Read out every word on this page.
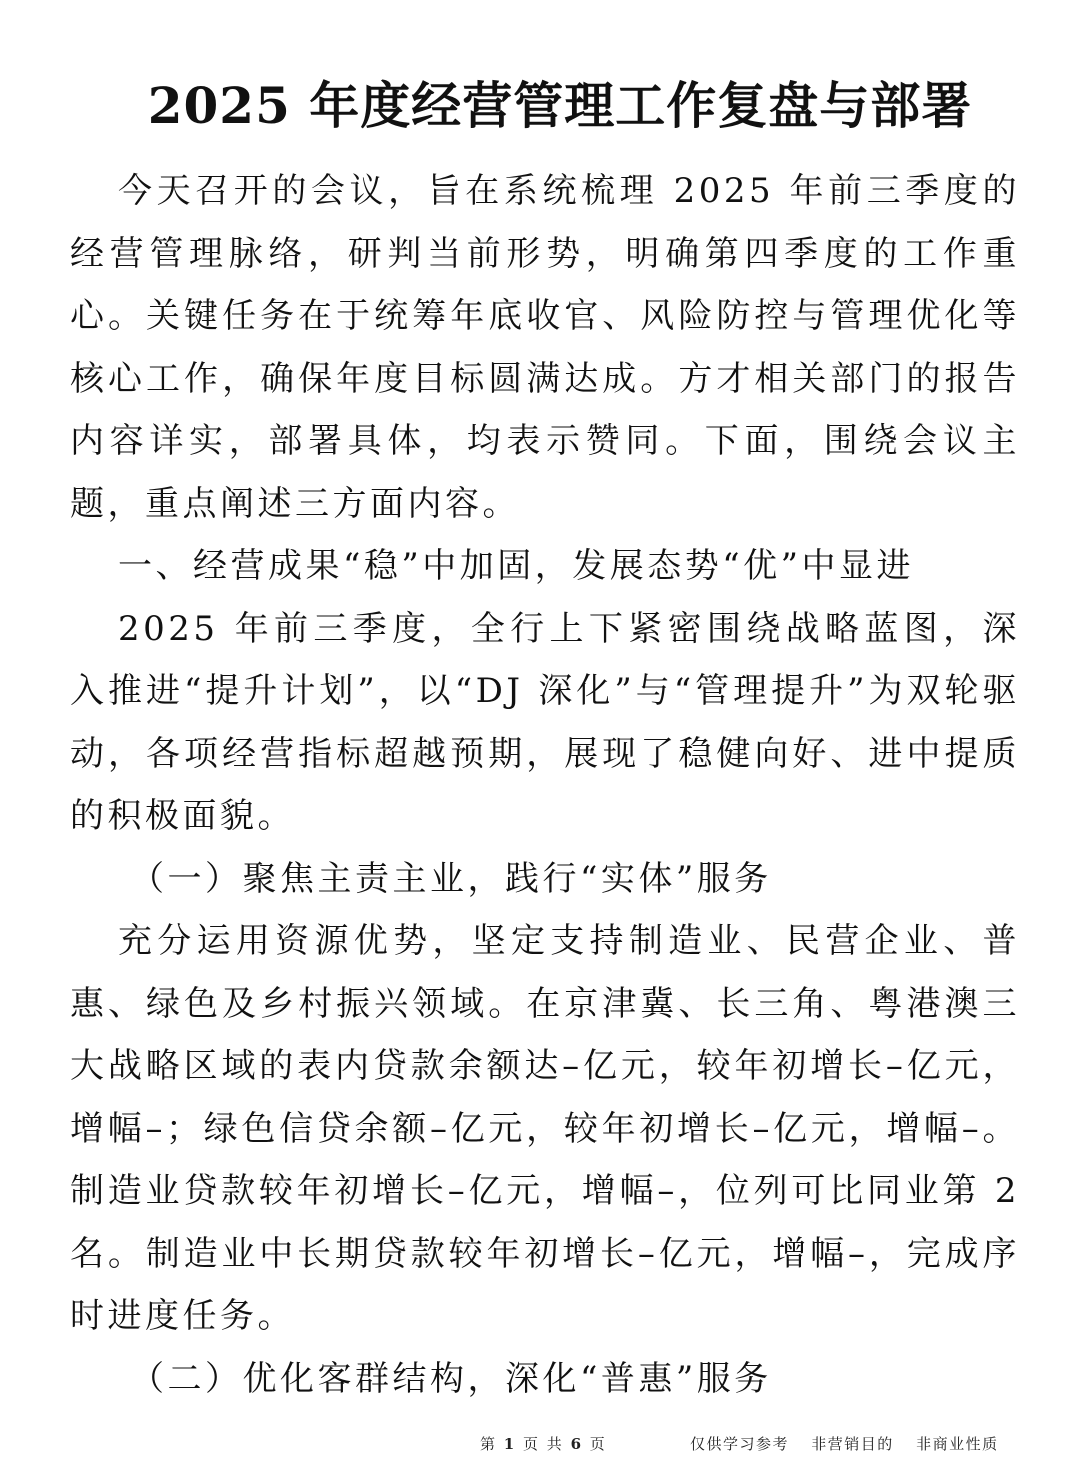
2025 年度经营管理工作复盘与部署

今天召开的会议，旨在系统梳理 2025 年前三季度的经营管理脉络，研判当前形势，明确第四季度的工作重心。关键任务在于统筹年底收官、风险防控与管理优化等核心工作，确保年度目标圆满达成。方才相关部门的报告内容详实，部署具体，均表示赞同。下面，围绕会议主题，重点阐述三方面内容。

一、经营成果“稳”中加固，发展态势“优”中显进

2025 年前三季度，全行上下紧密围绕战略蓝图，深入推进“提升计划”，以“DJ 深化”与“管理提升”为双轮驱动，各项经营指标超越预期，展现了稳健向好、进中提质的积极面貌。

（一）聚焦主责主业，践行“实体”服务

充分运用资源优势，坚定支持制造业、民营企业、普惠、绿色及乡村振兴领域。在京津冀、长三角、粤港澳三大战略区域的表内贷款余额达–亿元，较年初增长–亿元，增幅–；绿色信贷余额–亿元，较年初增长–亿元，增幅–。制造业贷款较年初增长–亿元，增幅–，位列可比同业第 2 名。制造业中长期贷款较年初增长–亿元，增幅–，完成序时进度任务。

（二）优化客群结构，深化“普惠”服务

第 1 页 共 6 页	仅供学习参考 非营销目的 非商业性质
